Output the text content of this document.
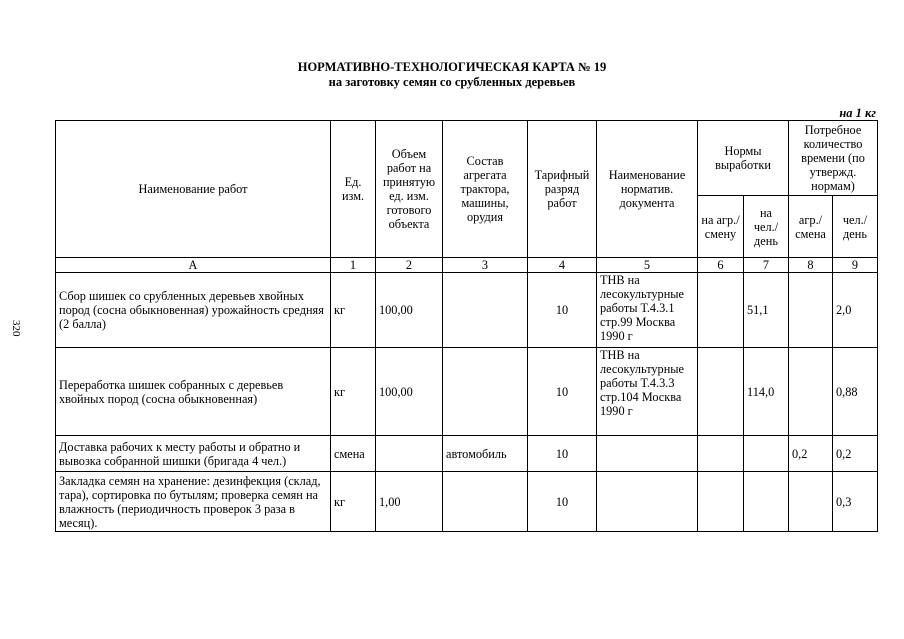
НОРМАТИВНО-ТЕХНОЛОГИЧЕСКАЯ КАРТА № 19
на заготовку семян со срубленных деревьев
на 1 кг
320
Наименование работ	Ед. изм.	Объем работ на принятую ед. изм. готового объекта	Состав агрегата трактора, машины, орудия	Тарифный разряд работ	Наименование норматив. документа	Нормы выработки		Потребное количество времени (по утвержд. нормам)	
						на агр./ смену	на чел./ день	агр./ смена	чел./ день
А	1	2	3	4	5	6	7	8	9
Сбор шишек со срубленных деревьев хвойных пород (сосна обыкновенная) урожайность средняя (2 балла)	кг	100,00		10	ТНВ на лесокультурные работы Т.4.3.1 стр.99 Москва 1990 г		51,1		2,0
Переработка шишек собранных с деревьев хвойных пород (сосна обыкновенная)	кг	100,00		10	ТНВ на лесокультурные работы Т.4.3.3 стр.104 Москва 1990 г		114,0		0,88
Доставка рабочих к месту работы и обратно и вывозка собранной шишки (бригада 4 чел.)	смена		автомобиль	10				0,2	0,2
Закладка семян на хранение: дезинфекция (склад, тара), сортировка по бутылям; проверка семян на влажность (периодичность проверок 3 раза в месяц).	кг	1,00		10					0,3
